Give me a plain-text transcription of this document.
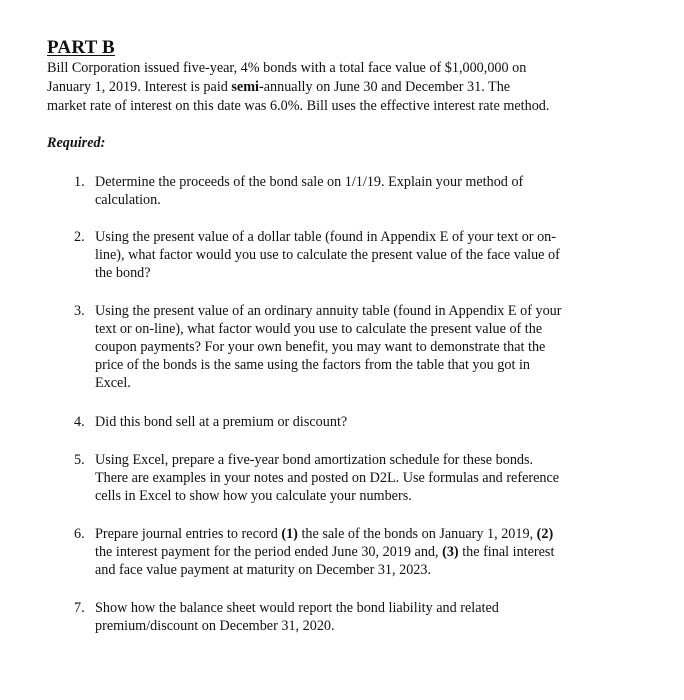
PART B
Bill Corporation issued five-year, 4% bonds with a total face value of $1,000,000 on
January 1, 2019. Interest is paid semi-annually on June 30 and December 31. The
market rate of interest on this date was 6.0%. Bill uses the effective interest rate method.
Required:
1. Determine the proceeds of the bond sale on 1/1/19. Explain your method of
calculation.
2. Using the present value of a dollar table (found in Appendix E of your text or on-
line), what factor would you use to calculate the present value of the face value of
the bond?
3. Using the present value of an ordinary annuity table (found in Appendix E of your
text or on-line), what factor would you use to calculate the present value of the
coupon payments? For your own benefit, you may want to demonstrate that the
price of the bonds is the same using the factors from the table that you got in
Excel.
4. Did this bond sell at a premium or discount?
5. Using Excel, prepare a five-year bond amortization schedule for these bonds.
There are examples in your notes and posted on D2L. Use formulas and reference
cells in Excel to show how you calculate your numbers.
6. Prepare journal entries to record (1) the sale of the bonds on January 1, 2019, (2)
the interest payment for the period ended June 30, 2019 and, (3) the final interest
and face value payment at maturity on December 31, 2023.
7. Show how the balance sheet would report the bond liability and related
premium/discount on December 31, 2020.
